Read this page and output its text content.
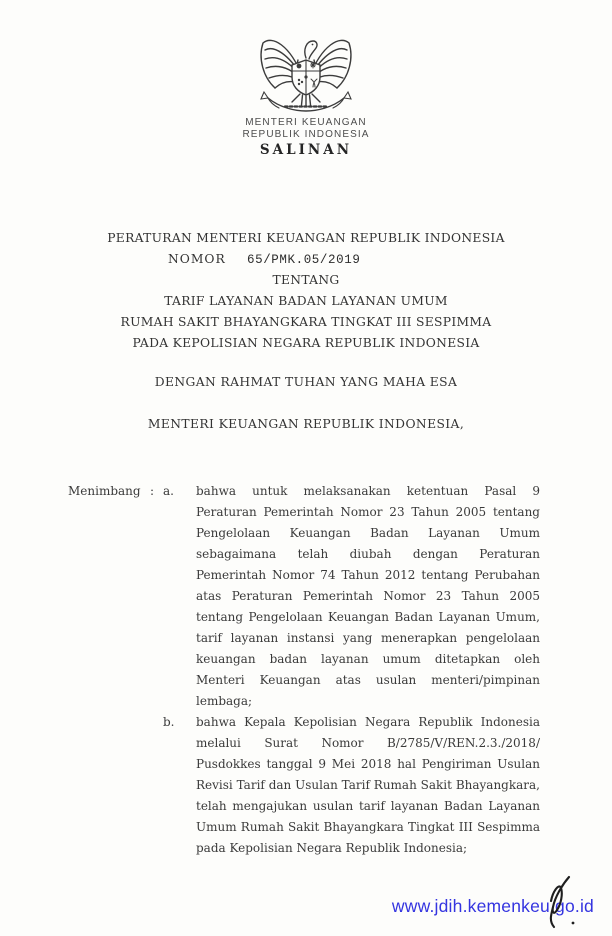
MENTERI KEUANGAN
REPUBLIK INDONESIA
SALINAN
PERATURAN MENTERI KEUANGAN REPUBLIK INDONESIA
NOMOR 65/PMK.05/2019
TENTANG
TARIF LAYANAN BADAN LAYANAN UMUM
RUMAH SAKIT BHAYANGKARA TINGKAT III SESPIMMA
PADA KEPOLISIAN NEGARA REPUBLIK INDONESIA
DENGAN RAHMAT TUHAN YANG MAHA ESA
MENTERI KEUANGAN REPUBLIK INDONESIA,
Menimbang : a.	bahwa untuk melaksanakan ketentuan Pasal 9 Peraturan Pemerintah Nomor 23 Tahun 2005 tentang Pengelolaan Keuangan Badan Layanan Umum sebagaimana telah diubah dengan Peraturan Pemerintah Nomor 74 Tahun 2012 tentang Perubahan atas Peraturan Pemerintah Nomor 23 Tahun 2005 tentang Pengelolaan Keuangan Badan Layanan Umum, tarif layanan instansi yang menerapkan pengelolaan keuangan badan layanan umum ditetapkan oleh Menteri Keuangan atas usulan menteri/pimpinan lembaga;
b.	bahwa Kepala Kepolisian Negara Republik Indonesia melalui Surat Nomor B/2785/V/REN.2.3./2018/ Pusdokkes tanggal 9 Mei 2018 hal Pengiriman Usulan Revisi Tarif dan Usulan Tarif Rumah Sakit Bhayangkara, telah mengajukan usulan tarif layanan Badan Layanan Umum Rumah Sakit Bhayangkara Tingkat III Sespimma pada Kepolisian Negara Republik Indonesia;
www.jdih.kemenkeu.go.id
